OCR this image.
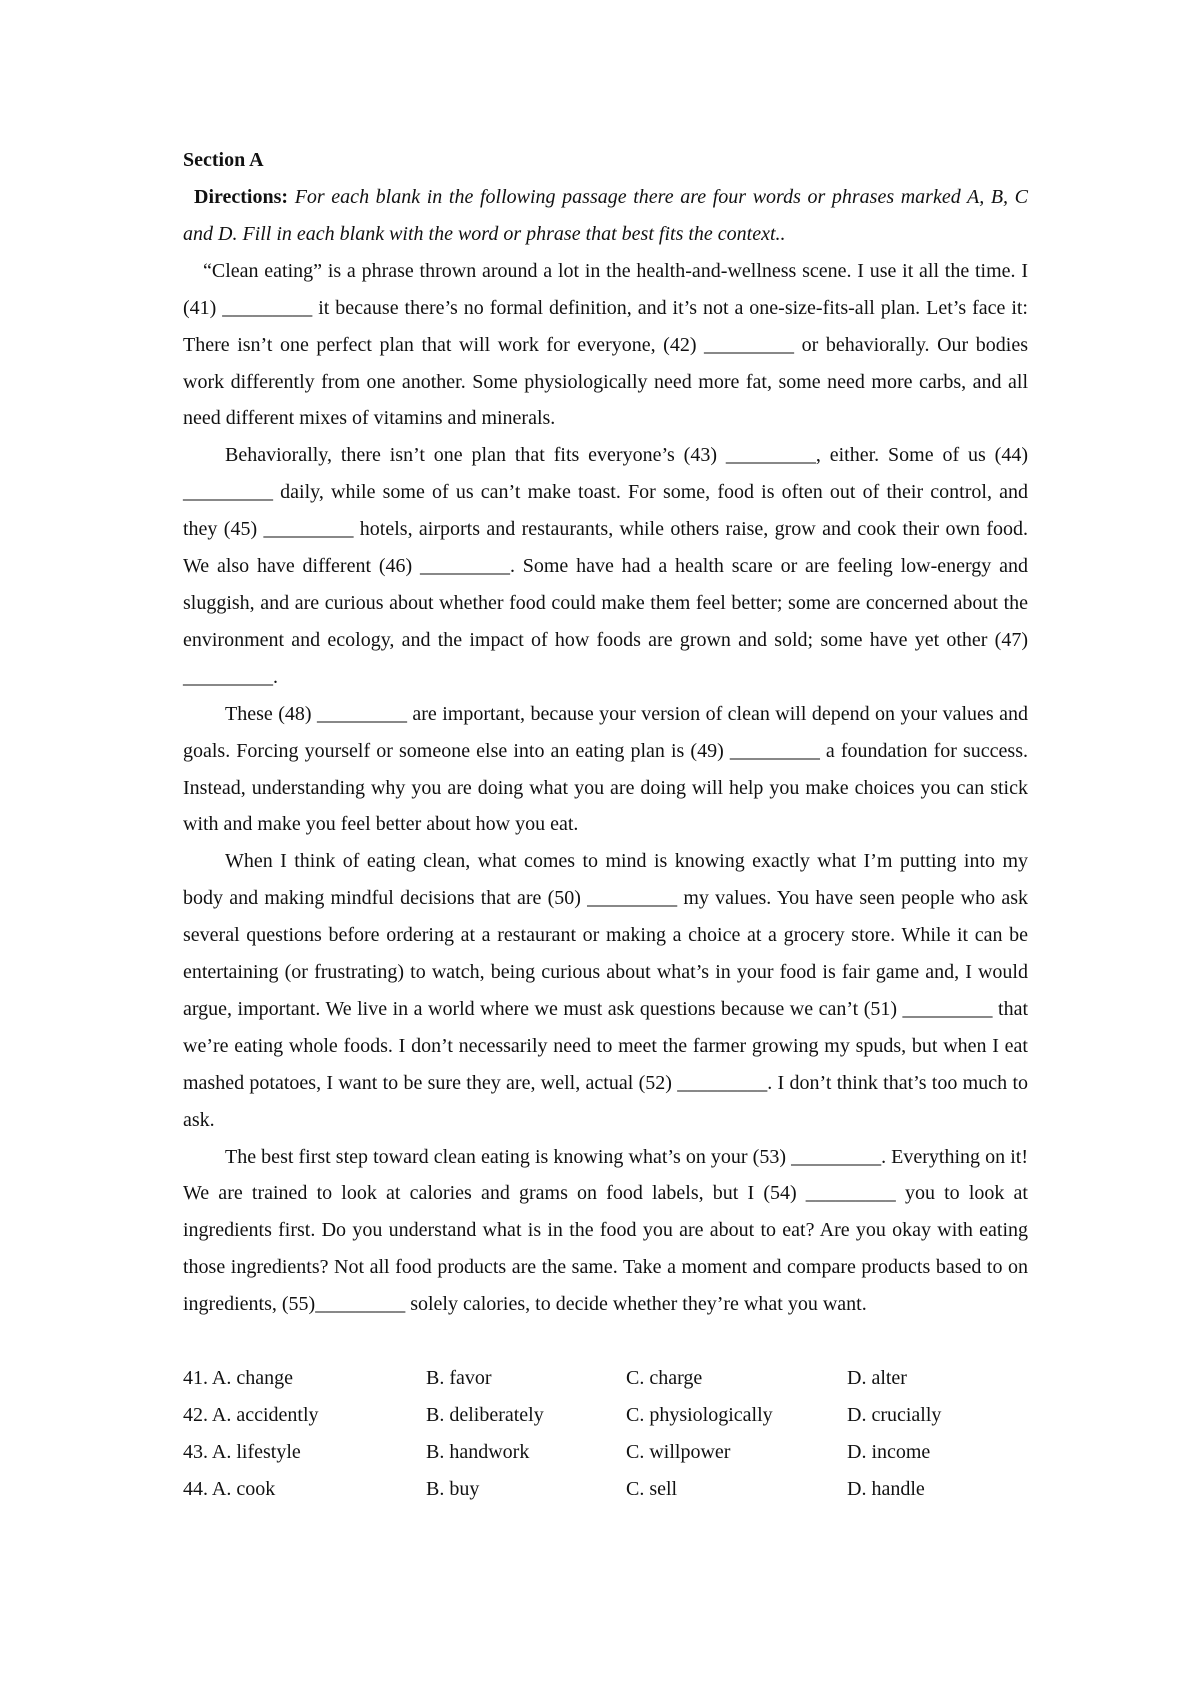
Section A

Directions: For each blank in the following passage there are four words or phrases marked A, B, C and D. Fill in each blank with the word or phrase that best fits the context..

“Clean eating” is a phrase thrown around a lot in the health-and-wellness scene. I use it all the time. I (41) _________ it because there’s no formal definition, and it’s not a one-size-fits-all plan. Let’s face it: There isn’t one perfect plan that will work for everyone, (42) _________ or behaviorally. Our bodies work differently from one another. Some physiologically need more fat, some need more carbs, and all need different mixes of vitamins and minerals.

Behaviorally, there isn’t one plan that fits everyone’s (43) _________, either. Some of us (44) _________ daily, while some of us can’t make toast. For some, food is often out of their control, and they (45) _________ hotels, airports and restaurants, while others raise, grow and cook their own food. We also have different (46) _________. Some have had a health scare or are feeling low-energy and sluggish, and are curious about whether food could make them feel better; some are concerned about the environment and ecology, and the impact of how foods are grown and sold; some have yet other (47) _________.

These (48) _________ are important, because your version of clean will depend on your values and goals. Forcing yourself or someone else into an eating plan is (49) _________ a foundation for success. Instead, understanding why you are doing what you are doing will help you make choices you can stick with and make you feel better about how you eat.

When I think of eating clean, what comes to mind is knowing exactly what I’m putting into my body and making mindful decisions that are (50) _________ my values. You have seen people who ask several questions before ordering at a restaurant or making a choice at a grocery store. While it can be entertaining (or frustrating) to watch, being curious about what’s in your food is fair game and, I would argue, important. We live in a world where we must ask questions because we can’t (51) _________ that we’re eating whole foods. I don’t necessarily need to meet the farmer growing my spuds, but when I eat mashed potatoes, I want to be sure they are, well, actual (52) _________. I don’t think that’s too much to ask.

The best first step toward clean eating is knowing what’s on your (53) _________. Everything on it! We are trained to look at calories and grams on food labels, but I (54) _________ you to look at ingredients first. Do you understand what is in the food you are about to eat? Are you okay with eating those ingredients? Not all food products are the same. Take a moment and compare products based to on ingredients, (55)_________ solely calories, to decide whether they’re what you want.

41. A. change	B. favor	C. charge	D. alter
42. A. accidently	B. deliberately	C. physiologically	D. crucially
43. A. lifestyle	B. handwork	C. willpower	D. income
44. A. cook	B. buy	C. sell	D. handle
